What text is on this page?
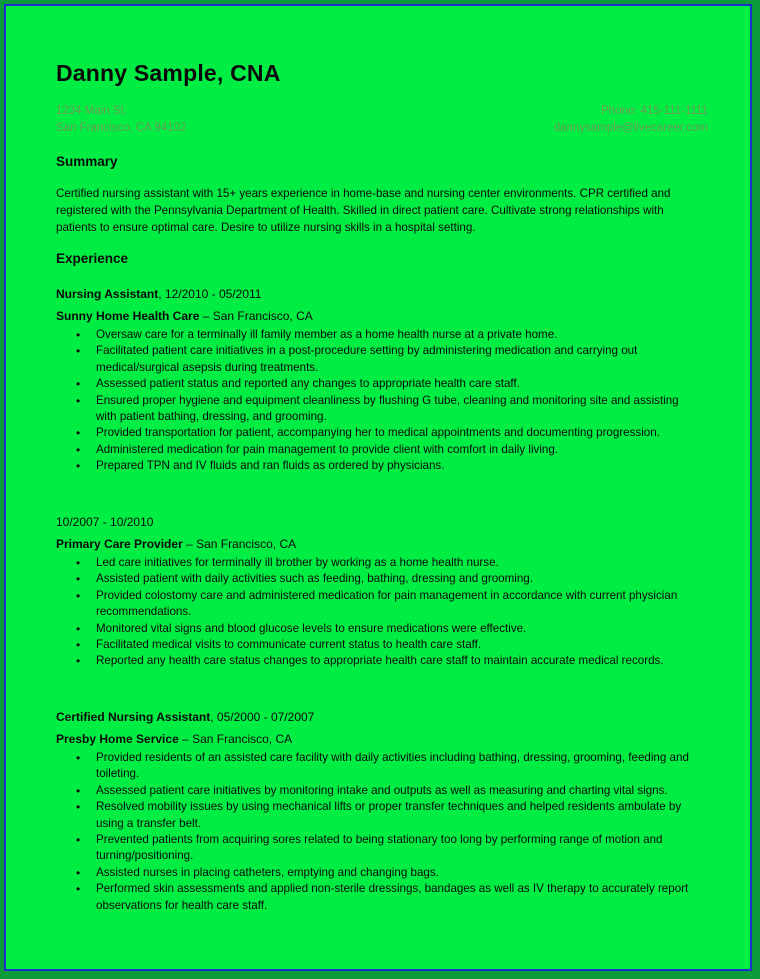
Danny Sample, CNA
1234 Main St.
San Francisco, CA 94102
Phone: 415-111-1111
dannysample@livecareer.com
Summary
Certified nursing assistant with 15+ years experience in home-base and nursing center environments. CPR certified and registered with the Pennsylvania Department of Health. Skilled in direct patient care. Cultivate strong relationships with patients to ensure optimal care. Desire to utilize nursing skills in a hospital setting.
Experience
Nursing Assistant, 12/2010 - 05/2011
Sunny Home Health Care – San Francisco, CA
• Oversaw care for a terminally ill family member as a home health nurse at a private home.
• Facilitated patient care initiatives in a post-procedure setting by administering medication and carrying out medical/surgical asepsis during treatments.
• Assessed patient status and reported any changes to appropriate health care staff.
• Ensured proper hygiene and equipment cleanliness by flushing G tube, cleaning and monitoring site and assisting with patient bathing, dressing, and grooming.
• Provided transportation for patient, accompanying her to medical appointments and documenting progression.
• Administered medication for pain management to provide client with comfort in daily living.
• Prepared TPN and IV fluids and ran fluids as ordered by physicians.
10/2007 - 10/2010
Primary Care Provider – San Francisco, CA
• Led care initiatives for terminally ill brother by working as a home health nurse.
• Assisted patient with daily activities such as feeding, bathing, dressing and grooming.
• Provided colostomy care and administered medication for pain management in accordance with current physician recommendations.
• Monitored vital signs and blood glucose levels to ensure medications were effective.
• Facilitated medical visits to communicate current status to health care staff.
• Reported any health care status changes to appropriate health care staff to maintain accurate medical records.
Certified Nursing Assistant, 05/2000 - 07/2007
Presby Home Service – San Francisco, CA
• Provided residents of an assisted care facility with daily activities including bathing, dressing, grooming, feeding and toileting.
• Assessed patient care initiatives by monitoring intake and outputs as well as measuring and charting vital signs.
• Resolved mobility issues by using mechanical lifts or proper transfer techniques and helped residents ambulate by using a transfer belt.
• Prevented patients from acquiring sores related to being stationary too long by performing range of motion and turning/positioning.
• Assisted nurses in placing catheters, emptying and changing bags.
• Performed skin assessments and applied non-sterile dressings, bandages as well as IV therapy to accurately report observations for health care staff.
